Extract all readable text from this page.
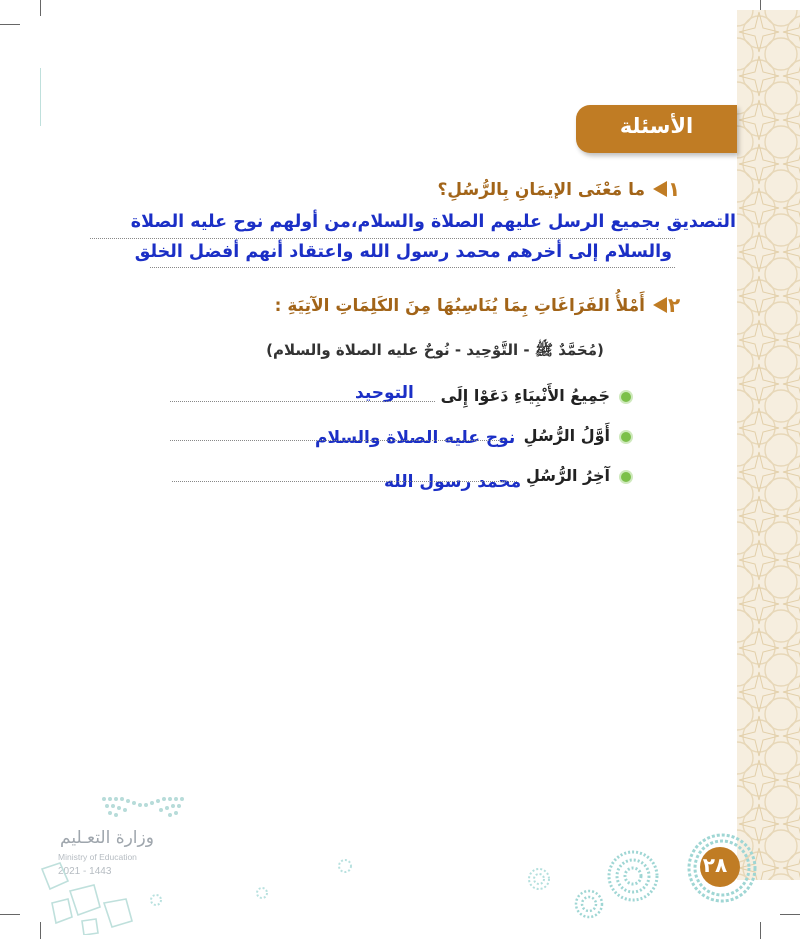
الأسئلة
١
ما مَعْنَى الإيمَانِ بِالرُّسُلِ؟
التصديق بجميع الرسل عليهم الصلاة والسلام،من أولهم نوح عليه الصلاة
والسلام إلى أخرهم محمد رسول الله واعتقاد أنهم أفضل الخلق
٢
أَمْلأُ الفَرَاغَاتِ بِمَا يُنَاسِبُهَا مِنَ الكَلِمَاتِ الآتِيَةِ :
(مُحَمَّدٌ ﷺ - التَّوْحِيد - نُوحٌ عليه الصلاة والسلام)
جَمِيعُ الأَنْبِيَاءِ دَعَوْا إِلَى
التوحيد
أَوَّلُ الرُّسُلِ
نوح عليه الصلاة والسلام
آخِرُ الرُّسُلِ
محمد رسول الله
٢٨
وزارة التعـليم
Ministry of Education
2021 - 1443
